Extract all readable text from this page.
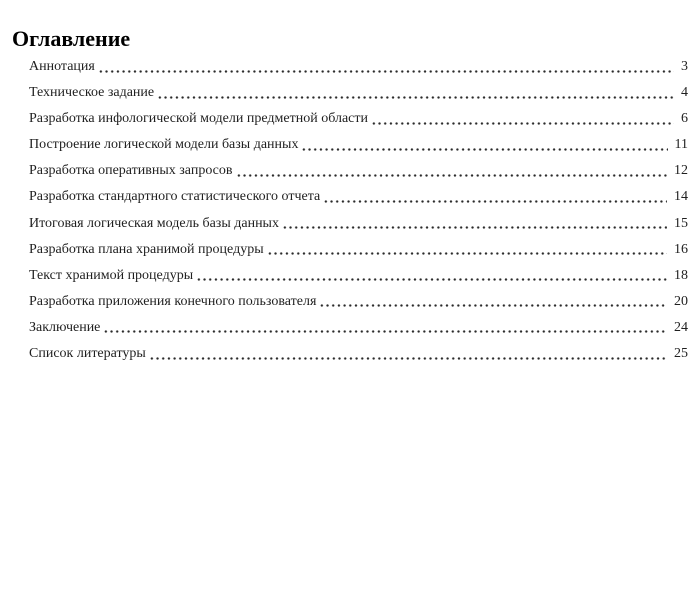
Оглавление
Аннотация	3
Техническое задание	4
Разработка инфологической модели предметной области	6
Построение логической модели базы данных	11
Разработка оперативных запросов	12
Разработка стандартного статистического отчета	14
Итоговая логическая модель базы данных	15
Разработка плана хранимой процедуры	16
Текст хранимой процедуры	18
Разработка приложения конечного пользователя	20
Заключение	24
Список литературы	25
